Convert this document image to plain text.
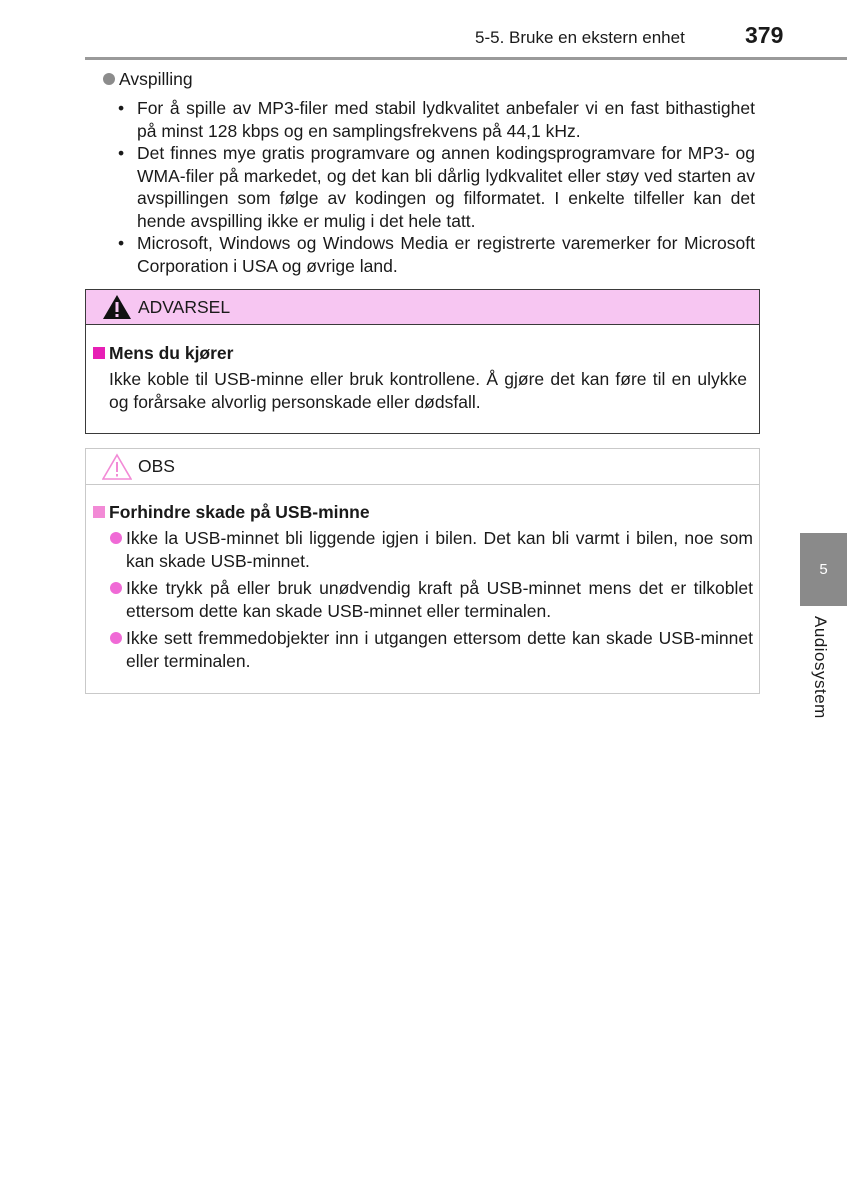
5-5. Bruke en ekstern enhet	379
Avspilling
• For å spille av MP3-filer med stabil lydkvalitet anbefaler vi en fast bithastighet på minst 128 kbps og en samplingsfrekvens på 44,1 kHz.
• Det finnes mye gratis programvare og annen kodingsprogramvare for MP3- og WMA-filer på markedet, og det kan bli dårlig lydkvalitet eller støy ved starten av avspillingen som følge av kodingen og filformatet. I enkelte tilfeller kan det hende avspilling ikke er mulig i det hele tatt.
• Microsoft, Windows og Windows Media er registrerte varemerker for Microsoft Corporation i USA og øvrige land.
ADVARSEL
Mens du kjører
Ikke koble til USB-minne eller bruk kontrollene. Å gjøre det kan føre til en ulykke og forårsake alvorlig personskade eller dødsfall.
OBS
Forhindre skade på USB-minne
Ikke la USB-minnet bli liggende igjen i bilen. Det kan bli varmt i bilen, noe som kan skade USB-minnet.
Ikke trykk på eller bruk unødvendig kraft på USB-minnet mens det er tilkoblet ettersom dette kan skade USB-minnet eller terminalen.
Ikke sett fremmedobjekter inn i utgangen ettersom dette kan skade USB-minnet eller terminalen.
5
Audiosystem
